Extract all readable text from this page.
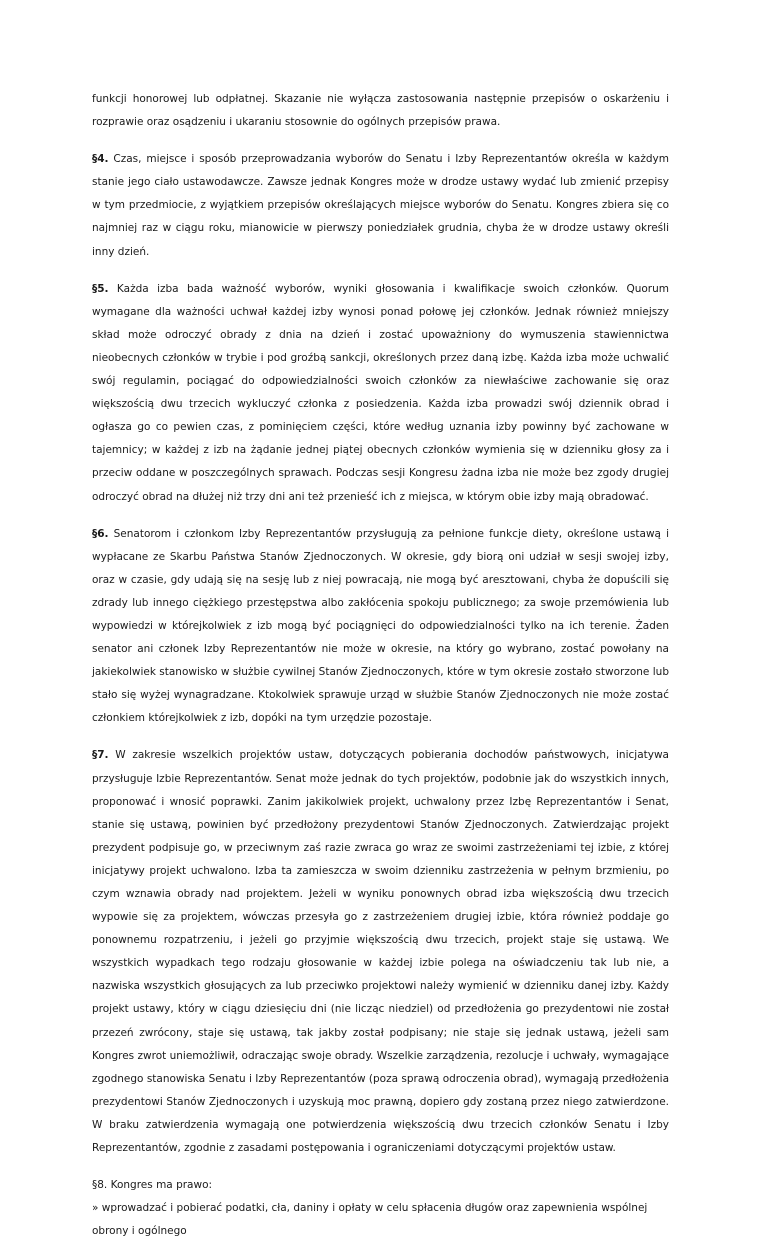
funkcji honorowej lub odpłatnej. Skazanie nie wyłącza zastosowania następnie przepisów o oskarżeniu i rozprawie oraz osądzeniu i ukaraniu stosownie do ogólnych przepisów prawa.

§4. Czas, miejsce i sposób przeprowadzania wyborów do Senatu i Izby Reprezentantów określa w każdym stanie jego ciało ustawodawcze. Zawsze jednak Kongres może w drodze ustawy wydać lub zmienić przepisy w tym przedmiocie, z wyjątkiem przepisów określających miejsce wyborów do Senatu. Kongres zbiera się co najmniej raz w ciągu roku, mianowicie w pierwszy poniedziałek grudnia, chyba że w drodze ustawy określi inny dzień.

§5. Każda izba bada ważność wyborów, wyniki głosowania i kwalifikacje swoich członków. Quorum wymagane dla ważności uchwał każdej izby wynosi ponad połowę jej członków. Jednak również mniejszy skład może odroczyć obrady z dnia na dzień i zostać upoważniony do wymuszenia stawiennictwa nieobecnych członków w trybie i pod groźbą sankcji, określonych przez daną izbę. Każda izba może uchwalić swój regulamin, pociągać do odpowiedzialności swoich członków za niewłaściwe zachowanie się oraz większością dwu trzecich wykluczyć członka z posiedzenia. Każda izba prowadzi swój dziennik obrad i ogłasza go co pewien czas, z pominięciem części, które według uznania izby powinny być zachowane w tajemnicy; w każdej z izb na żądanie jednej piątej obecnych członków wymienia się w dzienniku głosy za i przeciw oddane w poszczególnych sprawach. Podczas sesji Kongresu żadna izba nie może bez zgody drugiej odroczyć obrad na dłużej niż trzy dni ani też przenieść ich z miejsca, w którym obie izby mają obradować.

§6. Senatorom i członkom Izby Reprezentantów przysługują za pełnione funkcje diety, określone ustawą i wypłacane ze Skarbu Państwa Stanów Zjednoczonych. W okresie, gdy biorą oni udział w sesji swojej izby, oraz w czasie, gdy udają się na sesję lub z niej powracają, nie mogą być aresztowani, chyba że dopuścili się zdrady lub innego ciężkiego przestępstwa albo zakłócenia spokoju publicznego; za swoje przemówienia lub wypowiedzi w którejkolwiek z izb mogą być pociągnięci do odpowiedzialności tylko na ich terenie. Żaden senator ani członek Izby Reprezentantów nie może w okresie, na który go wybrano, zostać powołany na jakiekolwiek stanowisko w służbie cywilnej Stanów Zjednoczonych, które w tym okresie zostało stworzone lub stało się wyżej wynagradzane. Ktokolwiek sprawuje urząd w służbie Stanów Zjednoczonych nie może zostać członkiem którejkolwiek z izb, dopóki na tym urzędzie pozostaje.

§7. W zakresie wszelkich projektów ustaw, dotyczących pobierania dochodów państwowych, inicjatywa przysługuje Izbie Reprezentantów. Senat może jednak do tych projektów, podobnie jak do wszystkich innych, proponować i wnosić poprawki. Zanim jakikolwiek projekt, uchwalony przez Izbę Reprezentantów i Senat, stanie się ustawą, powinien być przedłożony prezydentowi Stanów Zjednoczonych. Zatwierdzając projekt prezydent podpisuje go, w przeciwnym zaś razie zwraca go wraz ze swoimi zastrzeżeniami tej izbie, z której inicjatywy projekt uchwalono. Izba ta zamieszcza w swoim dzienniku zastrzeżenia w pełnym brzmieniu, po czym wznawia obrady nad projektem. Jeżeli w wyniku ponownych obrad izba większością dwu trzecich wypowie się za projektem, wówczas przesyła go z zastrzeżeniem drugiej izbie, która również poddaje go ponownemu rozpatrzeniu, i jeżeli go przyjmie większością dwu trzecich, projekt staje się ustawą. We wszystkich wypadkach tego rodzaju głosowanie w każdej izbie polega na oświadczeniu tak lub nie, a nazwiska wszystkich głosujących za lub przeciwko projektowi należy wymienić w dzienniku danej izby. Każdy projekt ustawy, który w ciągu dziesięciu dni (nie licząc niedziel) od przedłożenia go prezydentowi nie został przezeń zwrócony, staje się ustawą, tak jakby został podpisany; nie staje się jednak ustawą, jeżeli sam Kongres zwrot uniemożliwił, odraczając swoje obrady. Wszelkie zarządzenia, rezolucje i uchwały, wymagające zgodnego stanowiska Senatu i Izby Reprezentantów (poza sprawą odroczenia obrad), wymagają przedłożenia prezydentowi Stanów Zjednoczonych i uzyskują moc prawną, dopiero gdy zostaną przez niego zatwierdzone. W braku zatwierdzenia wymagają one potwierdzenia większością dwu trzecich członków Senatu i Izby Reprezentantów, zgodnie z zasadami postępowania i ograniczeniami dotyczącymi projektów ustaw.

§8. Kongres ma prawo:

» wprowadzać i pobierać podatki, cła, daniny i opłaty w celu spłacenia długów oraz zapewnienia wspólnej obrony i ogólnego
